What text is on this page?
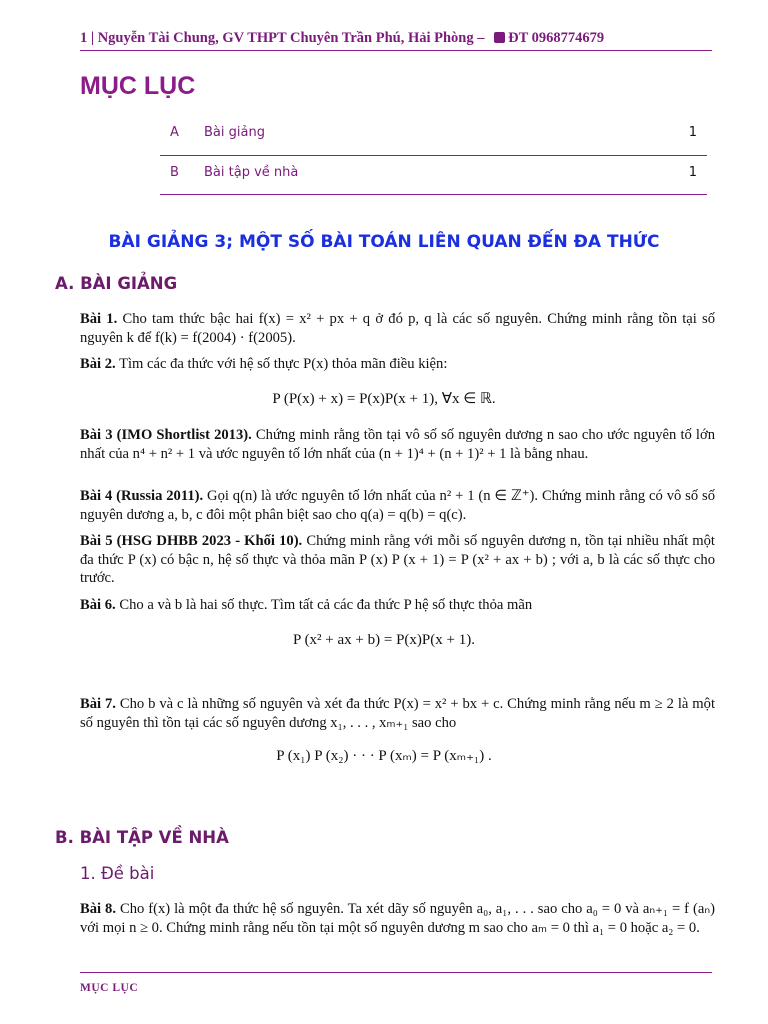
1 | Nguyễn Tài Chung, GV THPT Chuyên Trần Phú, Hải Phòng – ĐT 0968774679
MỤC LỤC
A Bài giảng	1
B Bài tập về nhà	1
BÀI GIẢNG 3; MỘT SỐ BÀI TOÁN LIÊN QUAN ĐẾN ĐA THỨC
A. BÀI GIẢNG
Bài 1. Cho tam thức bậc hai f(x) = x² + px + q ở đó p, q là các số nguyên. Chứng minh rằng tồn tại số nguyên k để f(k) = f(2004) · f(2005).
Bài 2. Tìm các đa thức với hệ số thực P(x) thỏa mãn điều kiện:
P (P(x) + x) = P(x)P(x + 1), ∀x ∈ ℝ.
Bài 3 (IMO Shortlist 2013). Chứng minh rằng tồn tại vô số số nguyên dương n sao cho ước nguyên tố lớn nhất của n⁴ + n² + 1 và ước nguyên tố lớn nhất của (n + 1)⁴ + (n + 1)² + 1 là bằng nhau.
Bài 4 (Russia 2011). Gọi q(n) là ước nguyên tố lớn nhất của n² + 1 (n ∈ ℤ⁺). Chứng minh rằng có vô số số nguyên dương a, b, c đôi một phân biệt sao cho q(a) = q(b) = q(c).
Bài 5 (HSG DHBB 2023 - Khối 10). Chứng minh rằng với mỗi số nguyên dương n, tồn tại nhiều nhất một đa thức P (x) có bậc n, hệ số thực và thỏa mãn P (x) P (x + 1) = P (x² + ax + b) ; với a, b là các số thực cho trước.
Bài 6. Cho a và b là hai số thực. Tìm tất cả các đa thức P hệ số thực thỏa mãn
P (x² + ax + b) = P(x)P(x + 1).
Bài 7. Cho b và c là những số nguyên và xét đa thức P(x) = x² + bx + c. Chứng minh rằng nếu m ≥ 2 là một số nguyên thì tồn tại các số nguyên dương x₁, . . . , xₘ₊₁ sao cho
P (x₁) P (x₂) · · · P (xₘ) = P (xₘ₊₁) .
B. BÀI TẬP VỀ NHÀ
1. Đề bài
Bài 8. Cho f(x) là một đa thức hệ số nguyên. Ta xét dãy số nguyên a₀, a₁, . . . sao cho a₀ = 0 và aₙ₊₁ = f (aₙ) với mọi n ≥ 0. Chứng minh rằng nếu tồn tại một số nguyên dương m sao cho aₘ = 0 thì a₁ = 0 hoặc a₂ = 0.
MỤC LỤC
